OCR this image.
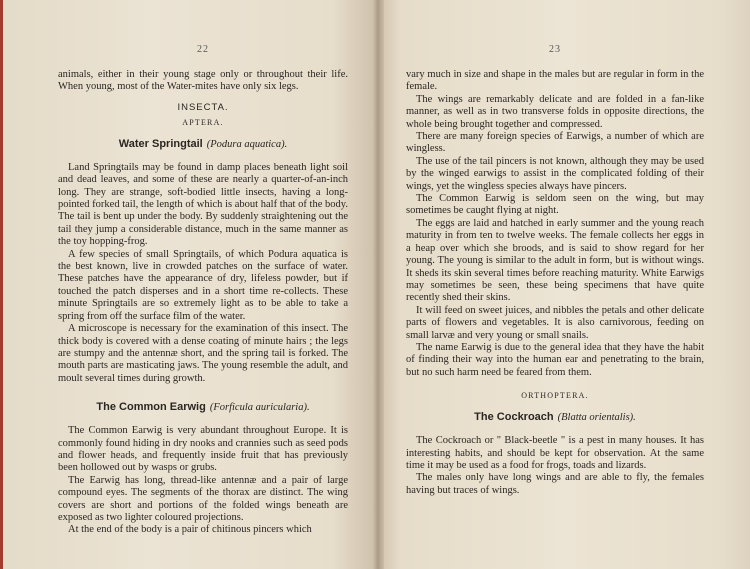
22

animals, either in their young stage only or throughout their life. When young, most of the Water-mites have only six legs.

INSECTA.
APTERA.
Water Springtail (Podura aquatica).

Land Springtails may be found in damp places beneath light soil and dead leaves, and some of these are nearly a quarter-of-an-inch long. They are strange, soft-bodied little insects, having a long-pointed forked tail, the length of which is about half that of the body. The tail is bent up under the body. By suddenly straightening out the tail they jump a considerable distance, much in the same manner as the toy hopping-frog.

A few species of small Springtails, of which Podura aquatica is the best known, live in crowded patches on the surface of water. These patches have the appearance of dry, lifeless powder, but if touched the patch disperses and in a short time re-collects. These minute Springtails are so extremely light as to be able to take a spring from off the surface film of the water.

A microscope is necessary for the examination of this insect. The thick body is covered with a dense coating of minute hairs ; the legs are stumpy and the antennæ short, and the spring tail is forked. The mouth parts are masticating jaws. The young resemble the adult, and moult several times during growth.

The Common Earwig (Forficula auricularia).

The Common Earwig is very abundant throughout Europe. It is commonly found hiding in dry nooks and crannies such as seed pods and flower heads, and frequently inside fruit that has previously been hollowed out by wasps or grubs.

The Earwig has long, thread-like antennæ and a pair of large compound eyes. The segments of the thorax are distinct. The wing covers are short and portions of the folded wings beneath are exposed as two lighter coloured projections.

At the end of the body is a pair of chitinous pincers which

23

vary much in size and shape in the males but are regular in form in the female.

The wings are remarkably delicate and are folded in a fan-like manner, as well as in two transverse folds in opposite directions, the whole being brought together and compressed.

There are many foreign species of Earwigs, a number of which are wingless.

The use of the tail pincers is not known, although they may be used by the winged earwigs to assist in the complicated folding of their wings, yet the wingless species always have pincers.

The Common Earwig is seldom seen on the wing, but may sometimes be caught flying at night.

The eggs are laid and hatched in early summer and the young reach maturity in from ten to twelve weeks. The female collects her eggs in a heap over which she broods, and is said to show regard for her young. The young is similar to the adult in form, but is without wings. It sheds its skin several times before reaching maturity. White Earwigs may sometimes be seen, these being specimens that have quite recently shed their skins.

It will feed on sweet juices, and nibbles the petals and other delicate parts of flowers and vegetables. It is also carnivorous, feeding on small larvæ and very young or small snails.

The name Earwig is due to the general idea that they have the habit of finding their way into the human ear and penetrating to the brain, but no such harm need be feared from them.

ORTHOPTERA.
The Cockroach (Blatta orientalis).

The Cockroach or " Black-beetle " is a pest in many houses. It has interesting habits, and should be kept for observation. At the same time it may be used as a food for frogs, toads and lizards.

The males only have long wings and are able to fly, the females having but traces of wings.
